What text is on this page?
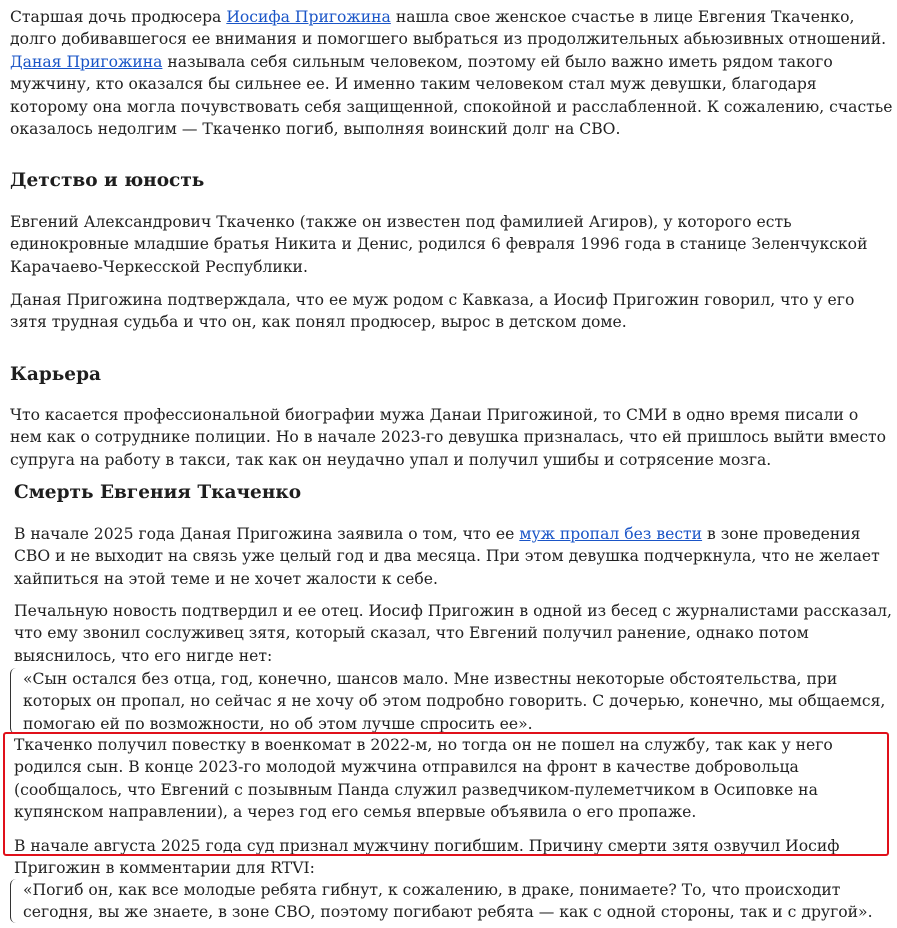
Старшая дочь продюсера Иосифа Пригожина нашла свое женское счастье в лице Евгения Ткаченко, долго добивавшегося ее внимания и помогшего выбраться из продолжительных абьюзивных отношений. Даная Пригожина называла себя сильным человеком, поэтому ей было важно иметь рядом такого мужчину, кто оказался бы сильнее ее. И именно таким человеком стал муж девушки, благодаря которому она могла почувствовать себя защищенной, спокойной и расслабленной. К сожалению, счастье оказалось недолгим — Ткаченко погиб, выполняя воинский долг на СВО.

Детство и юность

Евгений Александрович Ткаченко (также он известен под фамилией Агиров), у которого есть единокровные младшие братья Никита и Денис, родился 6 февраля 1996 года в станице Зеленчукской Карачаево-Черкесской Республики.

Даная Пригожина подтверждала, что ее муж родом с Кавказа, а Иосиф Пригожин говорил, что у его зятя трудная судьба и что он, как понял продюсер, вырос в детском доме.

Карьера

Что касается профессиональной биографии мужа Данаи Пригожиной, то СМИ в одно время писали о нем как о сотруднике полиции. Но в начале 2023-го девушка призналась, что ей пришлось выйти вместо супруга на работу в такси, так как он неудачно упал и получил ушибы и сотрясение мозга.

Смерть Евгения Ткаченко

В начале 2025 года Даная Пригожина заявила о том, что ее муж пропал без вести в зоне проведения СВО и не выходит на связь уже целый год и два месяца. При этом девушка подчеркнула, что не желает хайпиться на этой теме и не хочет жалости к себе.

Печальную новость подтвердил и ее отец. Иосиф Пригожин в одной из бесед с журналистами рассказал, что ему звонил сослуживец зятя, который сказал, что Евгений получил ранение, однако потом выяснилось, что его нигде нет:

«Сын остался без отца, год, конечно, шансов мало. Мне известны некоторые обстоятельства, при которых он пропал, но сейчас я не хочу об этом подробно говорить. С дочерью, конечно, мы общаемся, помогаю ей по возможности, но об этом лучше спросить ее».

Ткаченко получил повестку в военкомат в 2022-м, но тогда он не пошел на службу, так как у него родился сын. В конце 2023-го молодой мужчина отправился на фронт в качестве добровольца (сообщалось, что Евгений с позывным Панда служил разведчиком-пулеметчиком в Осиповке на купянском направлении), а через год его семья впервые объявила о его пропаже.

В начале августа 2025 года суд признал мужчину погибшим. Причину смерти зятя озвучил Иосиф Пригожин в комментарии для RTVI:

«Погиб он, как все молодые ребята гибнут, к сожалению, в драке, понимаете? То, что происходит сегодня, вы же знаете, в зоне СВО, поэтому погибают ребята — как с одной стороны, так и с другой».
